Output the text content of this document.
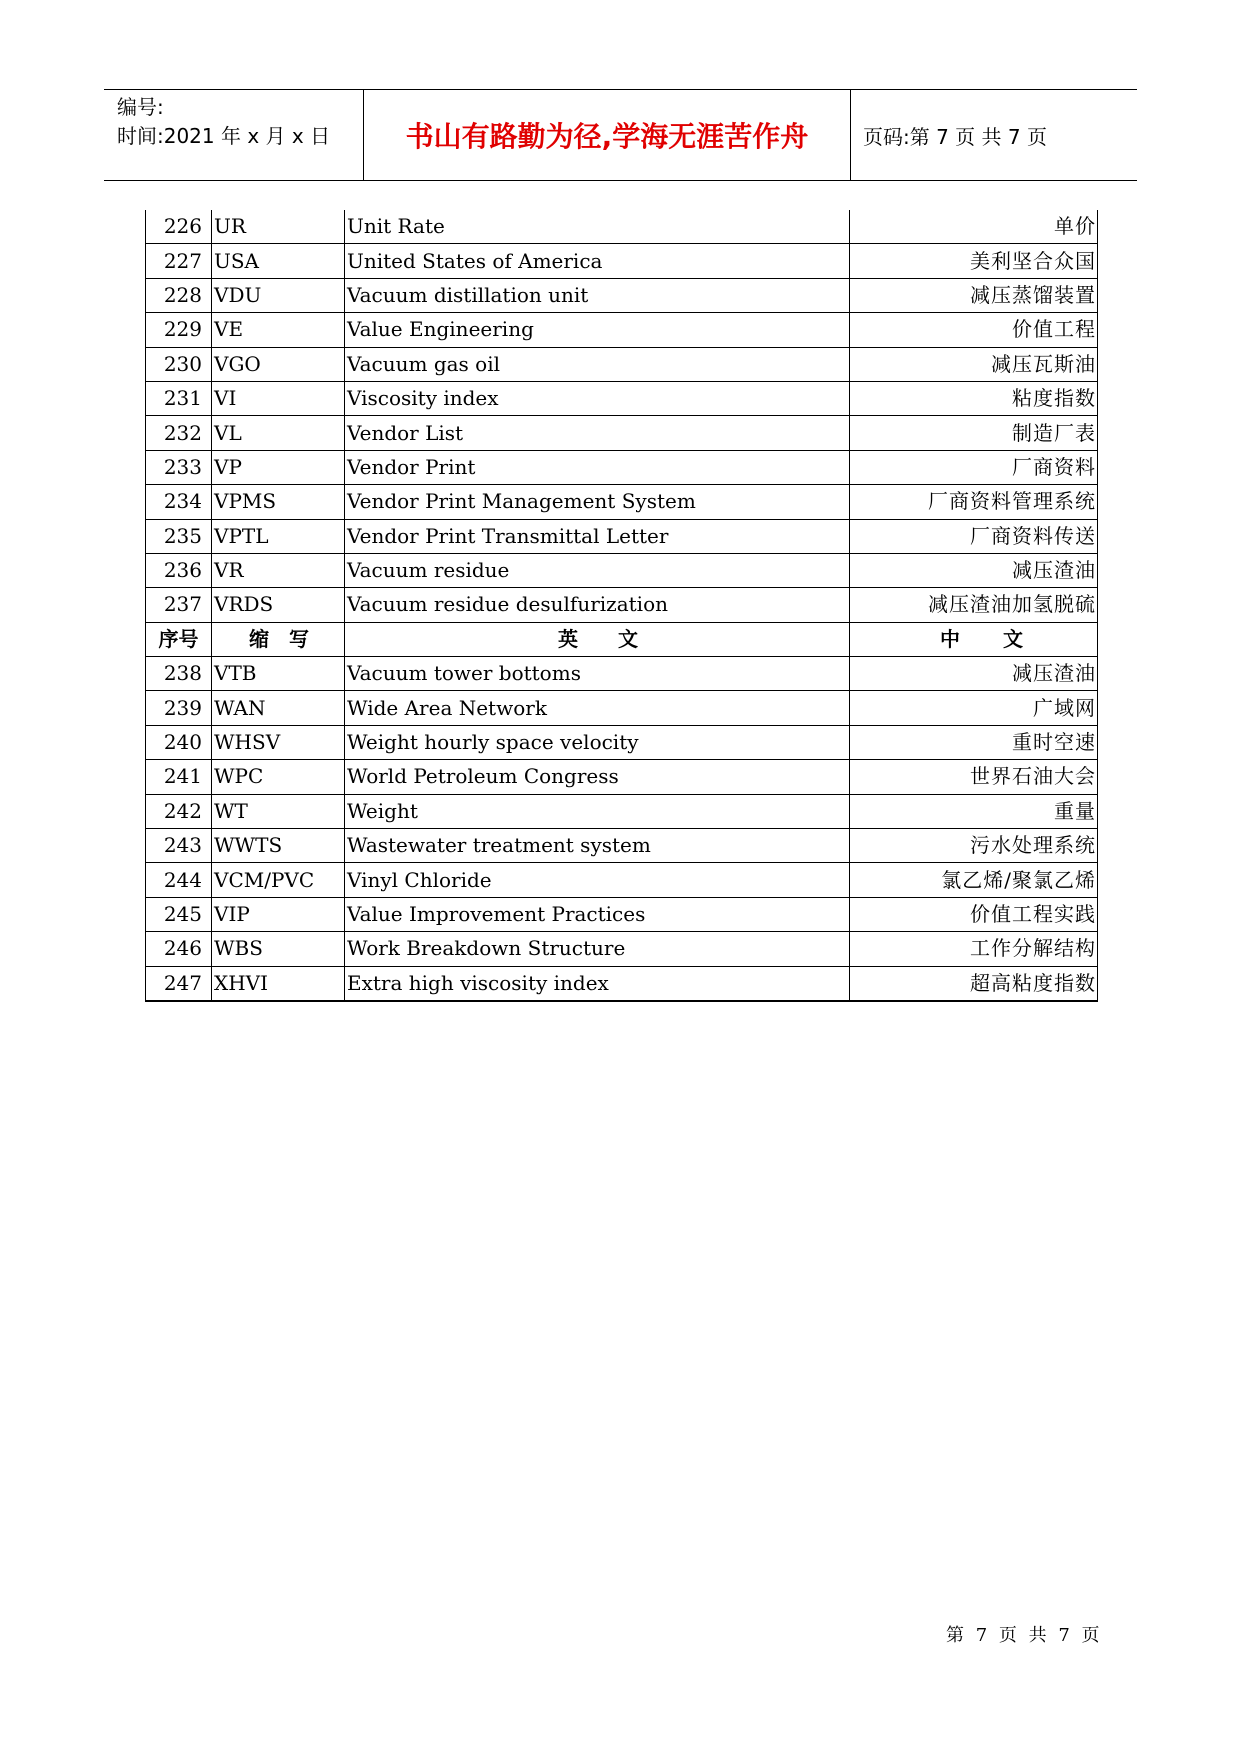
编号:
时间:2021 年 x 月 x 日	书山有路勤为径,学海无涯苦作舟	页码:第 7 页 共 7 页
226	UR	Unit Rate	单价
227	USA	United States of America	美利坚合众国
228	VDU	Vacuum distillation unit	减压蒸馏装置
229	VE	Value Engineering	价值工程
230	VGO	Vacuum gas oil	减压瓦斯油
231	VI	Viscosity index	粘度指数
232	VL	Vendor List	制造厂表
233	VP	Vendor Print	厂商资料
234	VPMS	Vendor Print Management System	厂商资料管理系统
235	VPTL	Vendor Print Transmittal Letter	厂商资料传送
236	VR	Vacuum residue	减压渣油
237	VRDS	Vacuum residue desulfurization	减压渣油加氢脱硫
序号	缩　写	英　　文	中　　文
238	VTB	Vacuum tower bottoms	减压渣油
239	WAN	Wide Area Network	广域网
240	WHSV	Weight hourly space velocity	重时空速
241	WPC	World Petroleum Congress	世界石油大会
242	WT	Weight	重量
243	WWTS	Wastewater treatment system	污水处理系统
244	VCM/PVC	Vinyl Chloride	氯乙烯/聚氯乙烯
245	VIP	Value Improvement Practices	价值工程实践
246	WBS	Work Breakdown Structure	工作分解结构
247	XHVI	Extra high viscosity index	超高粘度指数
第 7 页 共 7 页
